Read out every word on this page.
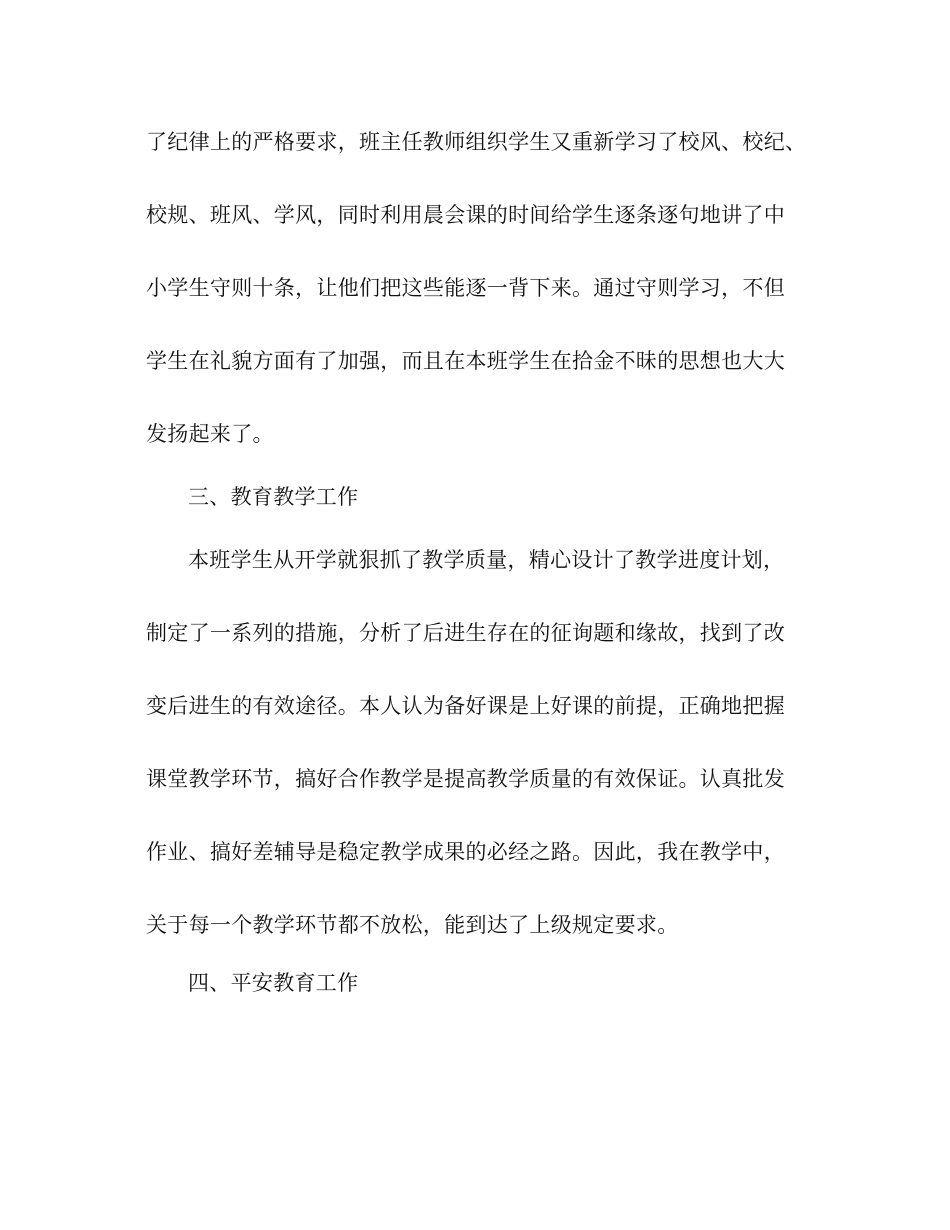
了纪律上的严格要求，班主任教师组织学生又重新学习了校风、校纪、
校规、班风、学风，同时利用晨会课的时间给学生逐条逐句地讲了中
小学生守则十条，让他们把这些能逐一背下来。通过守则学习，不但
学生在礼貌方面有了加强，而且在本班学生在拾金不昧的思想也大大
发扬起来了。
三、教育教学工作
本班学生从开学就狠抓了教学质量，精心设计了教学进度计划，
制定了一系列的措施，分析了后进生存在的征询题和缘故，找到了改
变后进生的有效途径。本人认为备好课是上好课的前提，正确地把握
课堂教学环节，搞好合作教学是提高教学质量的有效保证。认真批发
作业、搞好差辅导是稳定教学成果的必经之路。因此，我在教学中，
关于每一个教学环节都不放松，能到达了上级规定要求。
四、平安教育工作
